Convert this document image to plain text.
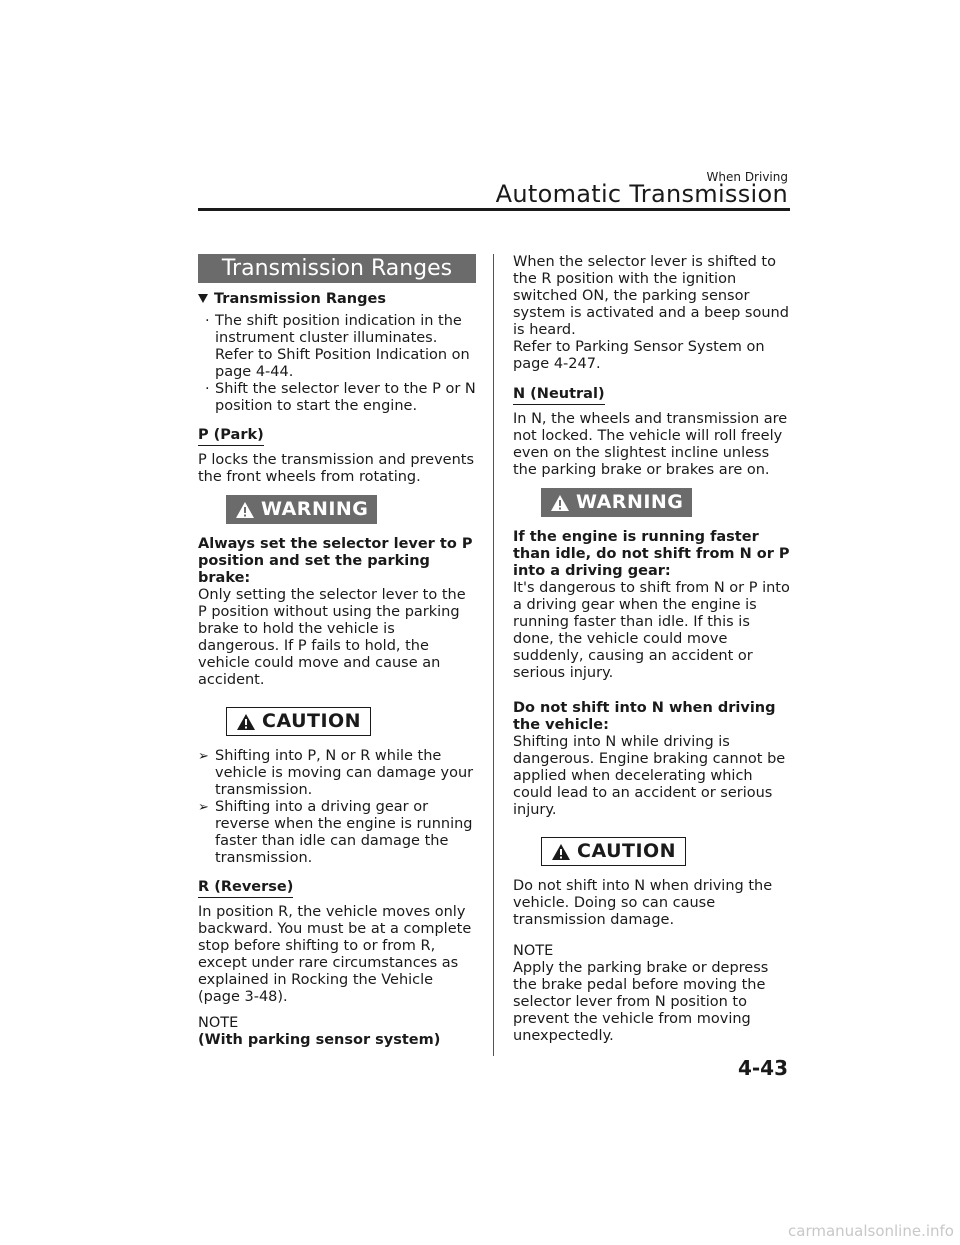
When Driving
Automatic Transmission
Transmission Ranges
Transmission Ranges
· The shift position indication in the instrument cluster illuminates. Refer to Shift Position Indication on page 4-44.
· Shift the selector lever to the P or N position to start the engine.
P (Park)

P locks the transmission and prevents the front wheels from rotating.

WARNING

Always set the selector lever to P position and set the parking brake:
Only setting the selector lever to the P position without using the parking brake to hold the vehicle is dangerous. If P fails to hold, the vehicle could move and cause an accident.

CAUTION
➢ Shifting into P, N or R while the vehicle is moving can damage your transmission.
➢ Shifting into a driving gear or reverse when the engine is running faster than idle can damage the transmission.
R (Reverse)

In position R, the vehicle moves only backward. You must be at a complete stop before shifting to or from R, except under rare circumstances as explained in Rocking the Vehicle (page 3-48).

NOTE
(With parking sensor system)

When the selector lever is shifted to the R position with the ignition switched ON, the parking sensor system is activated and a beep sound is heard.

Refer to Parking Sensor System on page 4-247.

N (Neutral)

In N, the wheels and transmission are not locked. The vehicle will roll freely even on the slightest incline unless the parking brake or brakes are on.

WARNING

If the engine is running faster than idle, do not shift from N or P into a driving gear:
It's dangerous to shift from N or P into a driving gear when the engine is running faster than idle. If this is done, the vehicle could move suddenly, causing an accident or serious injury.

Do not shift into N when driving the vehicle:
Shifting into N while driving is dangerous. Engine braking cannot be applied when decelerating which could lead to an accident or serious injury.

CAUTION

Do not shift into N when driving the vehicle. Doing so can cause transmission damage.

NOTE

Apply the parking brake or depress the brake pedal before moving the selector lever from N position to prevent the vehicle from moving unexpectedly.

4-43
carmanualsonline.info
